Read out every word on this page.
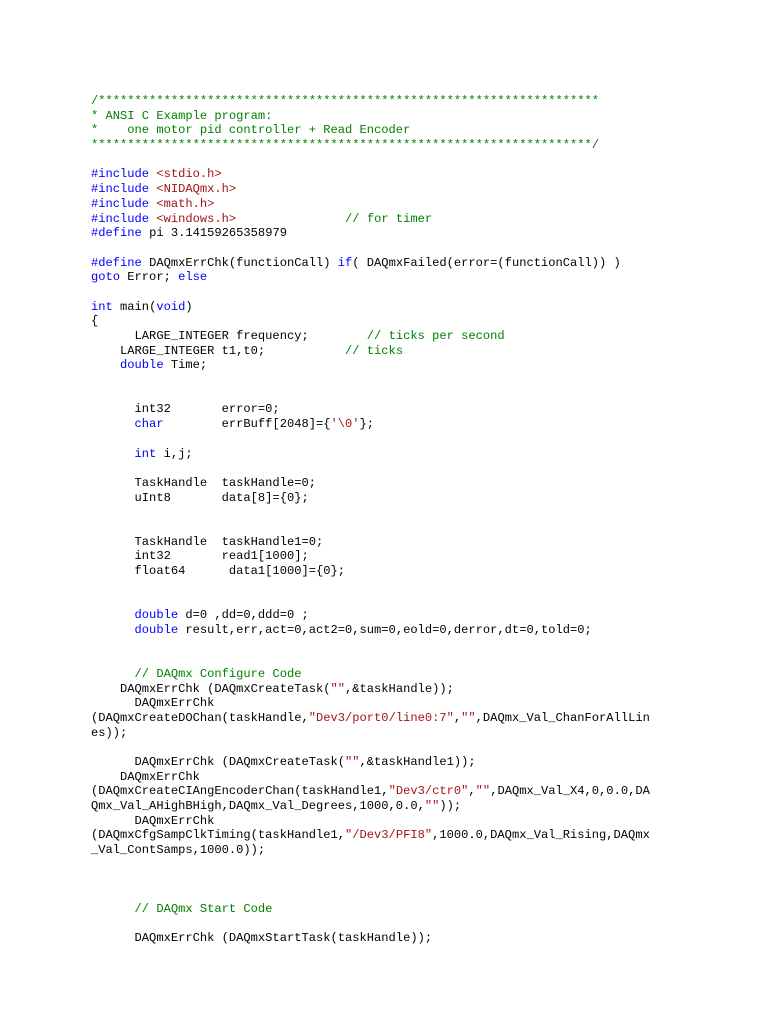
/*********************************************************************
* ANSI C Example program:
*    one motor pid controller + Read Encoder
*********************************************************************/
#include <stdio.h>
#include <NIDAQmx.h>
#include <math.h>
#include <windows.h>	// for timer
#define pi 3.14159265358979
#define DAQmxErrChk(functionCall) if( DAQmxFailed(error=(functionCall)) )
goto Error; else
int main(void)
{
LARGE_INTEGER frequency;        // ticks per second
LARGE_INTEGER t1,t0;           // ticks
double Time;
int32       error=0;
char        errBuff[2048]={'\0'};
int i,j;
TaskHandle  taskHandle=0;
uInt8       data[8]={0};
TaskHandle  taskHandle1=0;
int32       read1[1000];
float64      data1[1000]={0};
double d=0 ,dd=0,ddd=0 ;
double result,err,act=0,act2=0,sum=0,eold=0,derror,dt=0,told=0;
// DAQmx Configure Code
DAQmxErrChk (DAQmxCreateTask("",&taskHandle));
DAQmxErrChk
(DAQmxCreateDOChan(taskHandle,"Dev3/port0/line0:7","",DAQmx_Val_ChanForAllLin
es));
DAQmxErrChk (DAQmxCreateTask("",&taskHandle1));
DAQmxErrChk
(DAQmxCreateCIAngEncoderChan(taskHandle1,"Dev3/ctr0","",DAQmx_Val_X4,0,0.0,DA
Qmx_Val_AHighBHigh,DAQmx_Val_Degrees,1000,0.0,""));
DAQmxErrChk
(DAQmxCfgSampClkTiming(taskHandle1,"/Dev3/PFI8",1000.0,DAQmx_Val_Rising,DAQmx
_Val_ContSamps,1000.0));
// DAQmx Start Code
DAQmxErrChk (DAQmxStartTask(taskHandle));
